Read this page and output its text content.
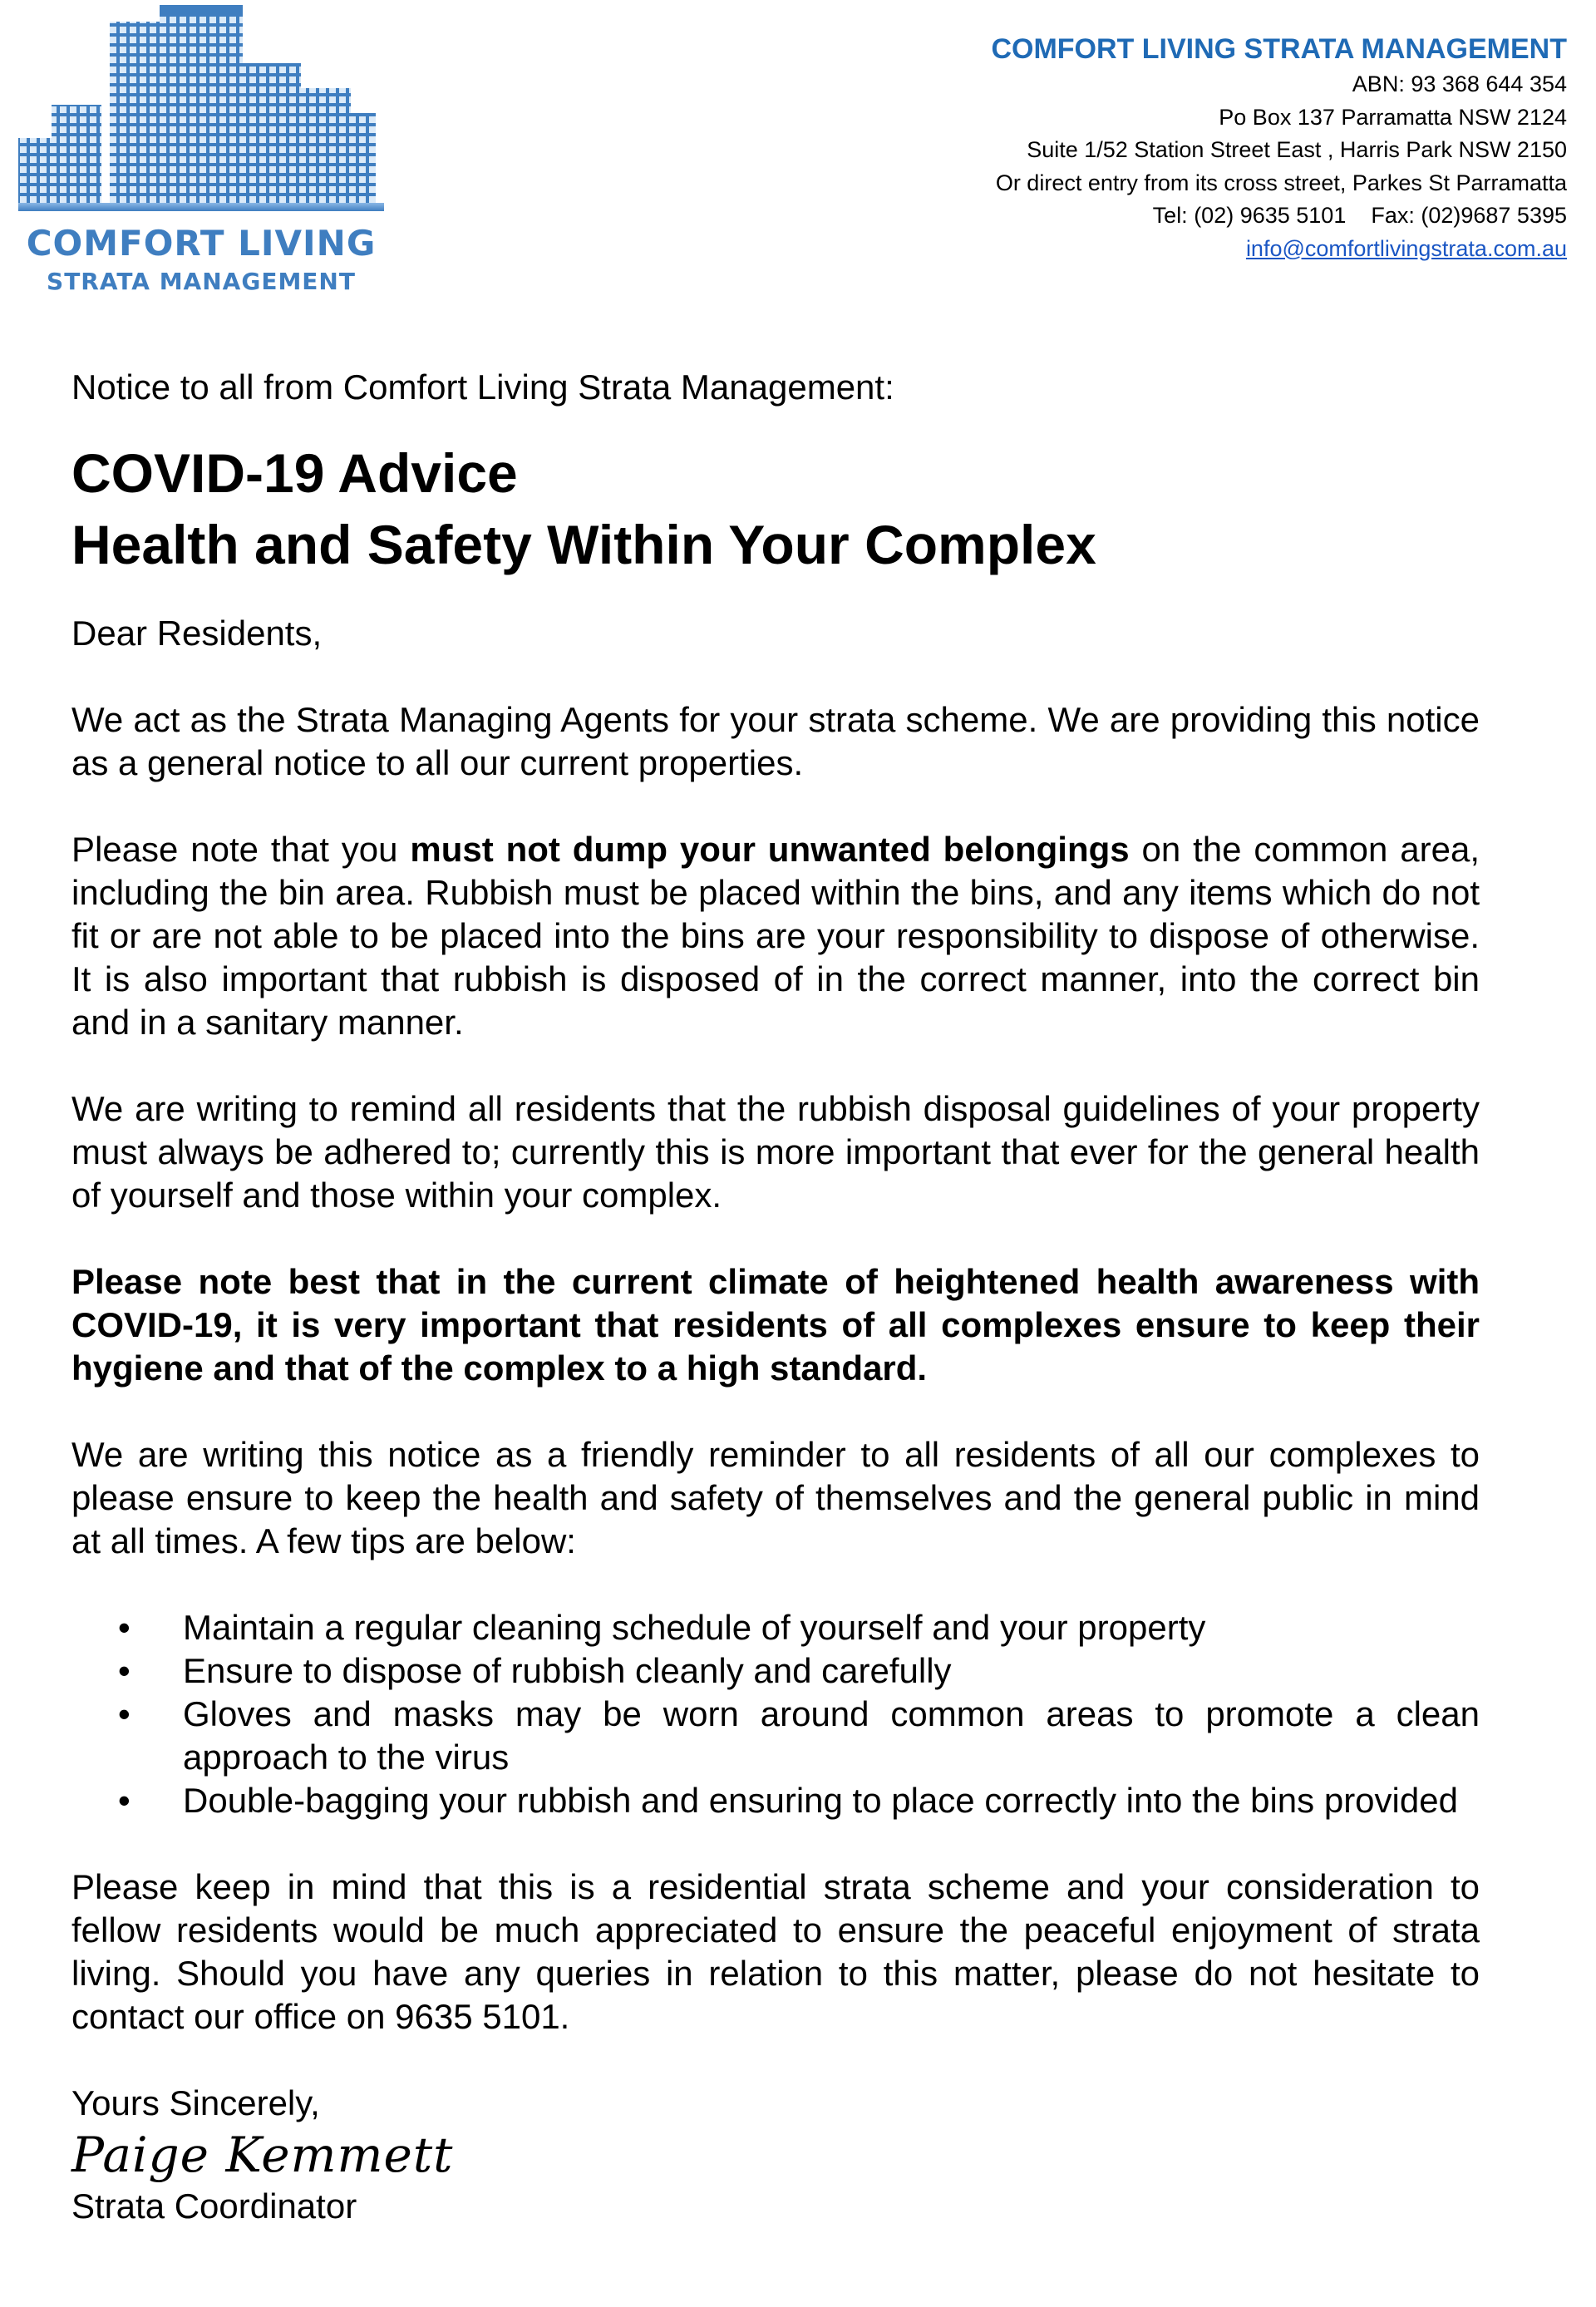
COMFORT LIVING
STRATA MANAGEMENT
COMFORT LIVING STRATA MANAGEMENT
ABN: 93 368 644 354
Po Box 137 Parramatta NSW 2124
Suite 1/52 Station Street East , Harris Park NSW 2150
Or direct entry from its cross street, Parkes St Parramatta
Tel: (02) 9635 5101    Fax: (02)9687 5395
info@comfortlivingstrata.com.au

Notice to all from Comfort Living Strata Management:

COVID-19 Advice
Health and Safety Within Your Complex

Dear Residents,

We act as the Strata Managing Agents for your strata scheme. We are providing this notice as a general notice to all our current properties.

Please note that you must not dump your unwanted belongings on the common area, including the bin area. Rubbish must be placed within the bins, and any items which do not fit or are not able to be placed into the bins are your responsibility to dispose of otherwise. It is also important that rubbish is disposed of in the correct manner, into the correct bin and in a sanitary manner.

We are writing to remind all residents that the rubbish disposal guidelines of your property must always be adhered to; currently this is more important that ever for the general health of yourself and those within your complex.

Please note best that in the current climate of heightened health awareness with COVID-19, it is very important that residents of all complexes ensure to keep their hygiene and that of the complex to a high standard.

We are writing this notice as a friendly reminder to all residents of all our complexes to please ensure to keep the health and safety of themselves and the general public in mind at all times. A few tips are below:

• Maintain a regular cleaning schedule of yourself and your property
• Ensure to dispose of rubbish cleanly and carefully
• Gloves and masks may be worn around common areas to promote a clean approach to the virus
• Double-bagging your rubbish and ensuring to place correctly into the bins provided

Please keep in mind that this is a residential strata scheme and your consideration to fellow residents would be much appreciated to ensure the peaceful enjoyment of strata living. Should you have any queries in relation to this matter, please do not hesitate to contact our office on 9635 5101.

Yours Sincerely,

Paige Kemmett

Strata Coordinator
